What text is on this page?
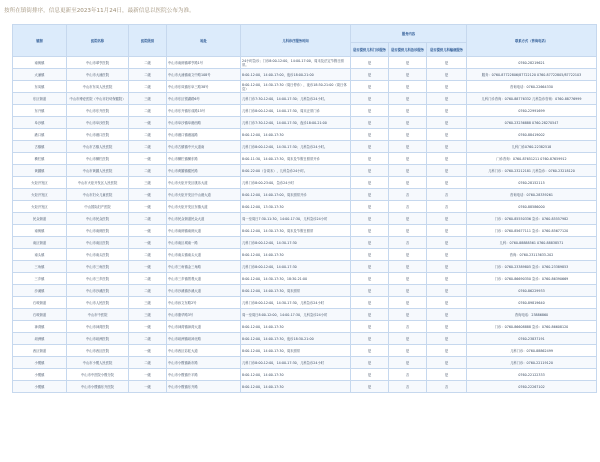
按所在镇街排序，信息更新至2023年11月24日，最新信息以医院公布为准。
镇街	医院名称	医院级别	地址	儿科诊疗服务时间	服务内容			联系方式（咨询电话）
					是否提供儿科门诊服务	是否提供儿科急诊服务	是否提供儿科输液服务	
南朗镇	中山市翠亨医院	二级	中山市南朗镇翠亨路1号	24小时急诊；门诊8:00-12:00，14:00-17:00，周末及法定节假日照常。	是	是	是	0760-28219621
大涌镇	中山市大涌医院	二级	中山市大涌镇南文中路108号	8:00-12:00，14:00-17:00，夜诊18:00-21:00	是	是	是	服务：0760-87722806/87722120 0760-87722805/87722103
东凤镇	中山市东凤人民医院	二级	中山市东凤镇东阜三路38号	8:00-12:00，14:30-17:30（周日停诊），夜诊18:30-21:00（周日休息）	是	是	是	咨询电话：0760-22664330
东区街道	中山市博爱医院（中山市妇幼保健院）	三级	中山市东区银湖路6号	儿科门诊7:30-12:00，14:00-17:30；儿科急诊24小时。	是	是	是	儿科门诊咨询：0760-88776332 儿科急诊咨询：0760-88776999
东升镇	中山市东升医院	二级	中山市东升镇东成路15号	儿科门诊8:00-12:00，14:00-17:30，周末正常门诊	是	是	是	0760-22991699
阜沙镇	中山市阜沙医院	一级	中山市阜沙镇阜港西路	儿科门诊7:30-12:00，14:00-17:30，夜诊18:00-21:00	是	是	是	0760-23236888 0760-28270547
港口镇	中山市港口医院	二级	中山市港口镇港福路	8:00-12:00，14:00-17:30	是	是	是	0760-88419002
古镇镇	中山市古镇人民医院	二级	中山市古镇镇中兴大道南	儿科门诊8:00-12:00，14:30-17:30；儿科急诊24小时。	是	是	是	儿科门诊0760-22382518
横栏镇	中山市横栏医院	一级	中山市横栏镇横东路	8:00-11:30，14:00-17:30，周末及节假日照常开诊	是	是	是	门诊咨询：0760-87651211 0760-87659912
黄圃镇	中山市黄圃人民医院	二级	中山市黄圃镇健民路	8:00-22:00（含周末），儿科急诊24小时。	是	是	是	儿科门诊：0760-23212181 儿科急诊：0760-23218120
火炬开发区	中山市火炬开发区人民医院	三级	中山市火炬开发区康乐大道	儿科门诊8:00-23:00，急诊24小时	是	是	是	0760-28152115
火炬开发区	中山市妇女儿童医院	一级	中山市火炬开发区中山港大道	8:00-12:00，14:00-17:00，周末照常开诊	是	否	否	咨询电话：0760-28339261
火炬开发区	中山国际妇产医院	一级	中山市火炬开发区东镇大道	8:00-12:00，13:30-17:30	是	否	否	0760-88586000
民众街道	中山市民众医院	二级	中山市民众街道民众大道	周一至周日7:30-11:30，14:00-17:30，儿科急诊24小时	是	是	是	门诊：0760-85550336 急诊：0760-85557982
南朗镇	中山市南朗医院	一级	中山市南朗镇南朗大道	8:00-12:00，14:30-17:30，周末及节假日照常	是	是	是	门诊：0760-85677111 急诊：0760-85677120
南区街道	中山市南区医院	一级	中山市南区城南一路	儿科门诊8:00-12:00，14:30-17:30	是	否	是	儿科：0760-88888561 0760-88838571
南头镇	中山市南头医院	二级	中山市南头镇南头大道	8:00-12:00，14:00-17:30	是	是	是	咨询：0760-23113633-202
三角镇	中山市三角医院	一级	中山市三角镇金三角路	儿科门诊8:00-12:00，14:00-17:30	是	是	是	门诊：0760-23389805 急诊：0760-23389853
三乡镇	中山市三乡医院	二级	中山市三乡镇景观大道	8:00-12:00，14:30-17:30，18:30-21:00	是	是	是	门诊：0760-86690350 急诊：0760-86390669
沙溪镇	中山市沙溪医院	二级	中山市沙溪镇沙溪大道	8:00-12:00，14:00-17:30，周末照常	是	是	是	0760-86229933
石岐街道	中山市人民医院	三级	中山市孙文东路2号	儿科门诊8:00-12:00，14:30-17:30，儿科急诊24小时	是	是	是	0760-89819640
石岐街道	中山市中医院	三级	中山市康华路3号	周一至周日8:00-12:00，14:00-17:30，儿科急诊24小时	是	是	是	咨询电话：23886860
神湾镇	中山市神湾医院	一级	中山市神湾镇神湾大道	8:00-12:00，14:00-17:30	是	否	是	门诊：0760-86608888 急诊：0760-86608120
坦洲镇	中山市坦洲医院	二级	中山市坦洲镇坦神北路	8:00-12:00，14:00-17:30，夜诊18:30-21:00	是	是	是	0760-23837191
西区街道	中山市西区医院	一级	中山市西区彩虹大道	8:00-12:00，14:00-17:30，周末照常	是	是	是	儿科门诊：0760-88862499
小榄镇	中山市小榄人民医院	二级	中山市小榄镇新市路	儿科门诊8:00-12:00，14:00-17:30，儿科急诊24小时	是	是	是	儿科门诊：0760-22119120
小榄镇	中山市中医院小榄分院	一级	中山市小榄镇升平路	8:00-12:00，14:00-17:30	是	否	是	0760-22122333
小榄镇	中山市小榄镇东升医院	一级	中山市小榄镇东升路	8:00-12:00，14:00-17:30	是	否	否	0760-22267102
